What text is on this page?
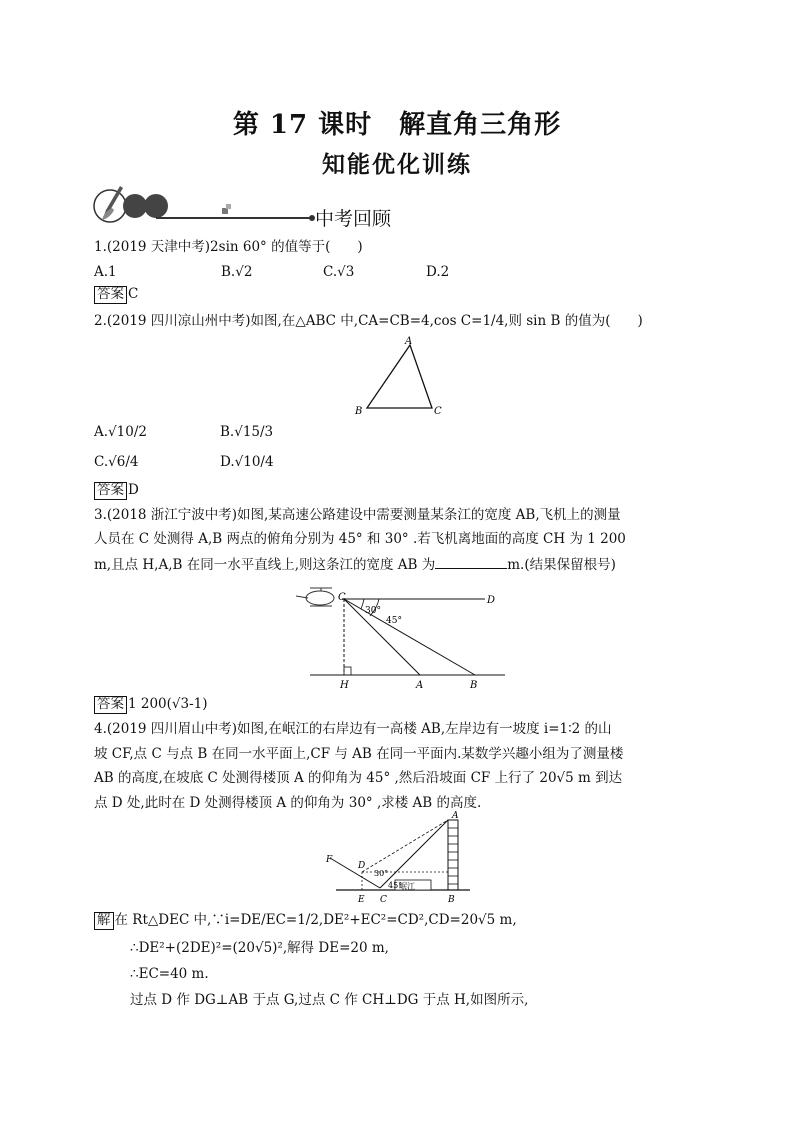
第 17 课时　解直角三角形
知能优化训练
中考回顾
1.(2019 天津中考)2sin 60° 的值等于(　　)
A.1	B.√2	C.√3	D.2
答案 C
2.(2019 四川凉山州中考)如图,在△ABC 中,CA=CB=4,cos C=1/4,则 sin B 的值为(　　)
A
B	C
A.√10/2	B.√15/3
C.√6/4	D.√10/4
答案 D
3.(2018 浙江宁波中考)如图,某高速公路建设中需要测量某条江的宽度 AB,飞机上的测量
人员在 C 处测得 A,B 两点的俯角分别为 45° 和 30° .若飞机离地面的高度 CH 为 1 200
m,且点 H,A,B 在同一水平直线上,则这条江的宽度 AB 为	m.(结果保留根号)
C	D
30°
45°
H	A	B
答案 1 200(√3-1)
4.(2019 四川眉山中考)如图,在岷江的右岸边有一高楼 AB,左岸边有一坡度 i=1∶2 的山
坡 CF,点 C 与点 B 在同一水平面上,CF 与 AB 在同一平面内.某数学兴趣小组为了测量楼
AB 的高度,在坡底 C 处测得楼顶 A 的仰角为 45° ,然后沿坡面 CF 上行了 20√5 m 到达
点 D 处,此时在 D 处测得楼顶 A 的仰角为 30° ,求楼 AB 的高度.
岷江
A
F
D
30°
45°
E C	B
解 在 Rt△DEC 中,∵i=DE/EC=1/2,DE²+EC²=CD²,CD=20√5 m,
∴DE²+(2DE)²=(20√5)²,解得 DE=20 m,
∴EC=40 m.
过点 D 作 DG⊥AB 于点 G,过点 C 作 CH⊥DG 于点 H,如图所示,
